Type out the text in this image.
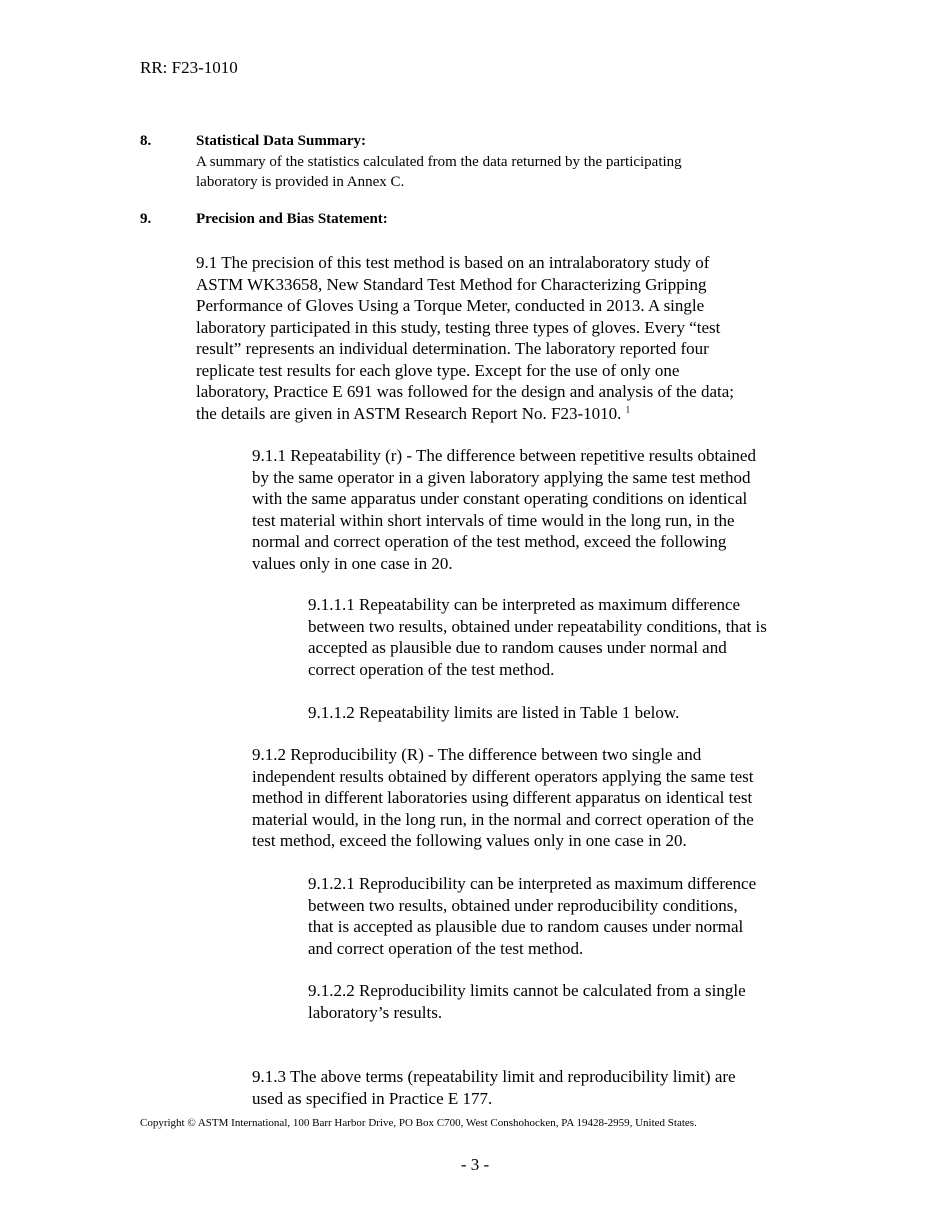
RR: F23-1010
8.	Statistical Data Summary:
A summary of the statistics calculated from the data returned by the participating
laboratory is provided in Annex C.
9.	Precision and Bias Statement:
9.1 The precision of this test method is based on an intralaboratory study of
ASTM WK33658, New Standard Test Method for Characterizing Gripping
Performance of Gloves Using a Torque Meter, conducted in 2013. A single
laboratory participated in this study, testing three types of gloves. Every “test
result” represents an individual determination. The laboratory reported four
replicate test results for each glove type. Except for the use of only one
laboratory, Practice E 691 was followed for the design and analysis of the data;
the details are given in ASTM Research Report No. F23-1010. $^1$
9.1.1 Repeatability (r) - The difference between repetitive results obtained
by the same operator in a given laboratory applying the same test method
with the same apparatus under constant operating conditions on identical
test material within short intervals of time would in the long run, in the
normal and correct operation of the test method, exceed the following
values only in one case in 20.
9.1.1.1 Repeatability can be interpreted as maximum difference
between two results, obtained under repeatability conditions, that is
accepted as plausible due to random causes under normal and
correct operation of the test method.
9.1.1.2 Repeatability limits are listed in Table 1 below.
9.1.2 Reproducibility (R) - The difference between two single and
independent results obtained by different operators applying the same test
method in different laboratories using different apparatus on identical test
material would, in the long run, in the normal and correct operation of the
test method, exceed the following values only in one case in 20.
9.1.2.1 Reproducibility can be interpreted as maximum difference
between two results, obtained under reproducibility conditions,
that is accepted as plausible due to random causes under normal
and correct operation of the test method.
9.1.2.2 Reproducibility limits cannot be calculated from a single
laboratory’s results.
9.1.3 The above terms (repeatability limit and reproducibility limit) are
used as specified in Practice E 177.
Copyright © ASTM International, 100 Barr Harbor Drive, PO Box C700, West Conshohocken, PA 19428-2959, United States.
- 3 -
